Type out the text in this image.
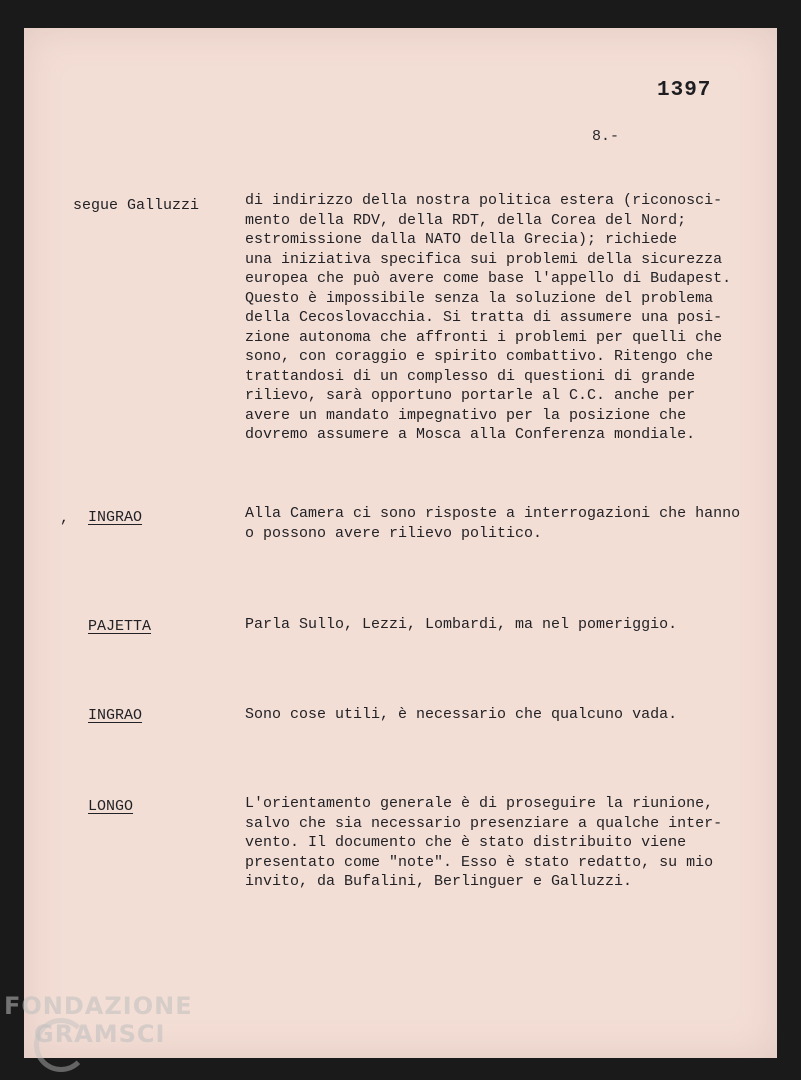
1397
8.-
segue Galluzzi	di indirizzo della nostra politica estera (riconosci-
mento della RDV, della RDT, della Corea del Nord;
estromissione dalla NATO della Grecia); richiede
una iniziativa specifica sui problemi della sicurezza
europea che può avere come base l'appello di Budapest.
Questo è impossibile senza la soluzione del problema
della Cecoslovacchia. Si tratta di assumere una posi-
zione autonoma che affronti i problemi per quelli che
sono, con coraggio e spirito combattivo. Ritengo che
trattandosi di un complesso di questioni di grande
rilievo, sarà opportuno portarle al C.C. anche per
avere un mandato impegnativo per la posizione che
dovremo assumere a Mosca alla Conferenza mondiale.
, INGRAO	Alla Camera ci sono risposte a interrogazioni che hanno
o possono avere rilievo politico.
PAJETTA	Parla Sullo, Lezzi, Lombardi, ma nel pomeriggio.
INGRAO	Sono cose utili, è necessario che qualcuno vada.
LONGO	L'orientamento generale è di proseguire la riunione,
salvo che sia necessario presenziare a qualche inter-
vento. Il documento che è stato distribuito viene
presentato come "note". Esso è stato redatto, su mio
invito, da Bufalini, Berlinguer e Galluzzi.
FONDAZIONE
GRAMSCI
